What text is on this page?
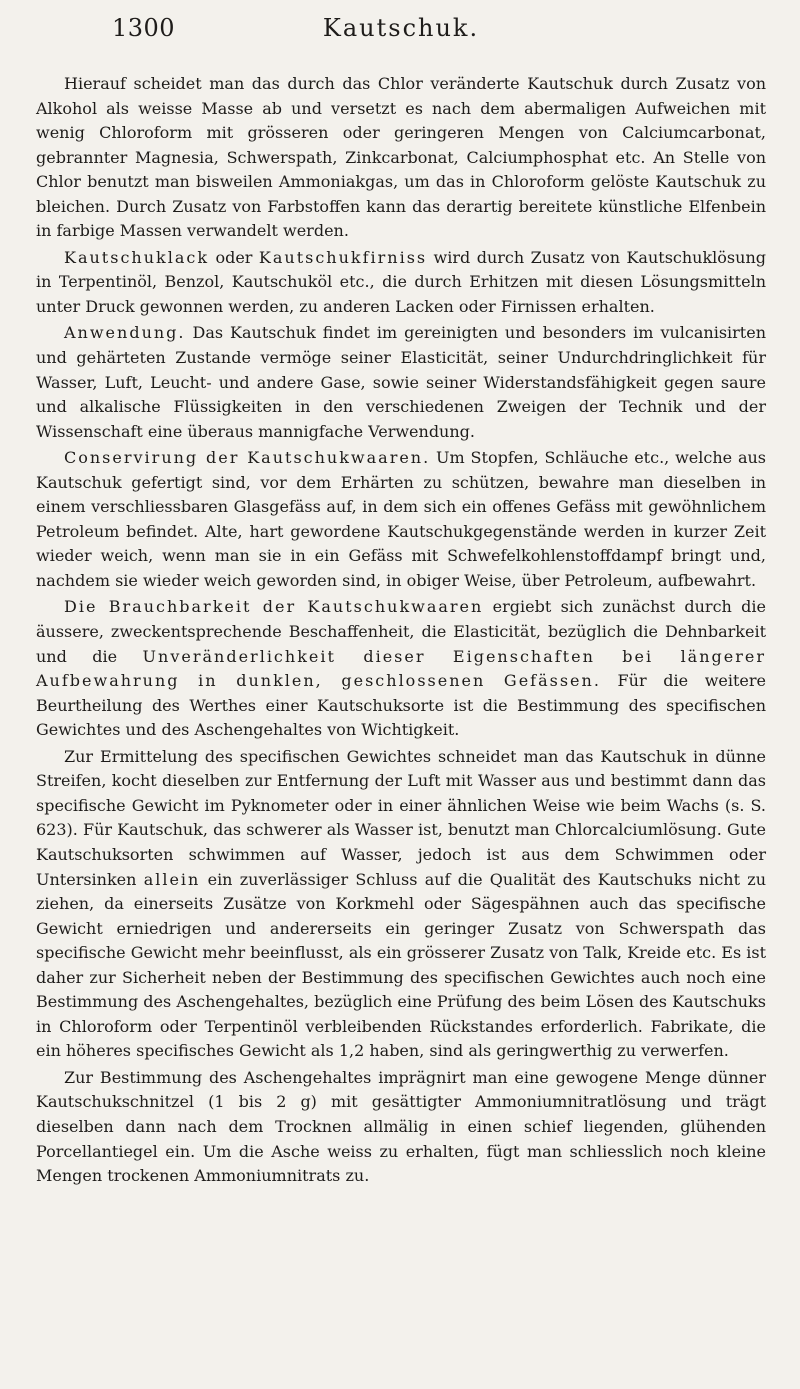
1300	Kautschuk.

Hierauf scheidet man das durch das Chlor veränderte Kautschuk durch Zusatz von Alkohol als weisse Masse ab und versetzt es nach dem abermaligen Aufweichen mit wenig Chloroform mit grösseren oder geringeren Mengen von Calciumcarbonat, gebrannter Magnesia, Schwerspath, Zinkcarbonat, Calciumphosphat etc. An Stelle von Chlor benutzt man bisweilen Ammoniakgas, um das in Chloroform gelöste Kautschuk zu bleichen. Durch Zusatz von Farbstoffen kann das derartig bereitete künstliche Elfenbein in farbige Massen verwandelt werden.

Kautschuklack oder Kautschukfirniss wird durch Zusatz von Kautschuklösung in Terpentinöl, Benzol, Kautschuköl etc., die durch Erhitzen mit diesen Lösungsmitteln unter Druck gewonnen werden, zu anderen Lacken oder Firnissen erhalten.

Anwendung. Das Kautschuk findet im gereinigten und besonders im vulcanisirten und gehärteten Zustande vermöge seiner Elasticität, seiner Undurchdringlichkeit für Wasser, Luft, Leucht- und andere Gase, sowie seiner Widerstandsfähigkeit gegen saure und alkalische Flüssigkeiten in den verschiedenen Zweigen der Technik und der Wissenschaft eine überaus mannigfache Verwendung.

Conservirung der Kautschukwaaren. Um Stopfen, Schläuche etc., welche aus Kautschuk gefertigt sind, vor dem Erhärten zu schützen, bewahre man dieselben in einem verschliessbaren Glasgefäss auf, in dem sich ein offenes Gefäss mit gewöhnlichem Petroleum befindet. Alte, hart gewordene Kautschukgegenstände werden in kurzer Zeit wieder weich, wenn man sie in ein Gefäss mit Schwefelkohlenstoffdampf bringt und, nachdem sie wieder weich geworden sind, in obiger Weise, über Petroleum, aufbewahrt.

Die Brauchbarkeit der Kautschukwaaren ergiebt sich zunächst durch die äussere, zweckentsprechende Beschaffenheit, die Elasticität, bezüglich die Dehnbarkeit und die Unveränderlichkeit dieser Eigenschaften bei längerer Aufbewahrung in dunklen, geschlossenen Gefässen. Für die weitere Beurtheilung des Werthes einer Kautschuksorte ist die Bestimmung des specifischen Gewichtes und des Aschengehaltes von Wichtigkeit.

Zur Ermittelung des specifischen Gewichtes schneidet man das Kautschuk in dünne Streifen, kocht dieselben zur Entfernung der Luft mit Wasser aus und bestimmt dann das specifische Gewicht im Pyknometer oder in einer ähnlichen Weise wie beim Wachs (s. S. 623). Für Kautschuk, das schwerer als Wasser ist, benutzt man Chlorcalciumlösung. Gute Kautschuksorten schwimmen auf Wasser, jedoch ist aus dem Schwimmen oder Untersinken allein ein zuverlässiger Schluss auf die Qualität des Kautschuks nicht zu ziehen, da einerseits Zusätze von Korkmehl oder Sägespähnen auch das specifische Gewicht erniedrigen und andererseits ein geringer Zusatz von Schwerspath das specifische Gewicht mehr beeinflusst, als ein grösserer Zusatz von Talk, Kreide etc. Es ist daher zur Sicherheit neben der Bestimmung des specifischen Gewichtes auch noch eine Bestimmung des Aschengehaltes, bezüglich eine Prüfung des beim Lösen des Kautschuks in Chloroform oder Terpentinöl verbleibenden Rückstandes erforderlich. Fabrikate, die ein höheres specifisches Gewicht als 1,2 haben, sind als geringwerthig zu verwerfen.

Zur Bestimmung des Aschengehaltes imprägnirt man eine gewogene Menge dünner Kautschukschnitzel (1 bis 2 g) mit gesättigter Ammoniumnitratlösung und trägt dieselben dann nach dem Trocknen allmälig in einen schief liegenden, glühenden Porcellantiegel ein. Um die Asche weiss zu erhalten, fügt man schliesslich noch kleine Mengen trockenen Ammoniumnitrats zu.
